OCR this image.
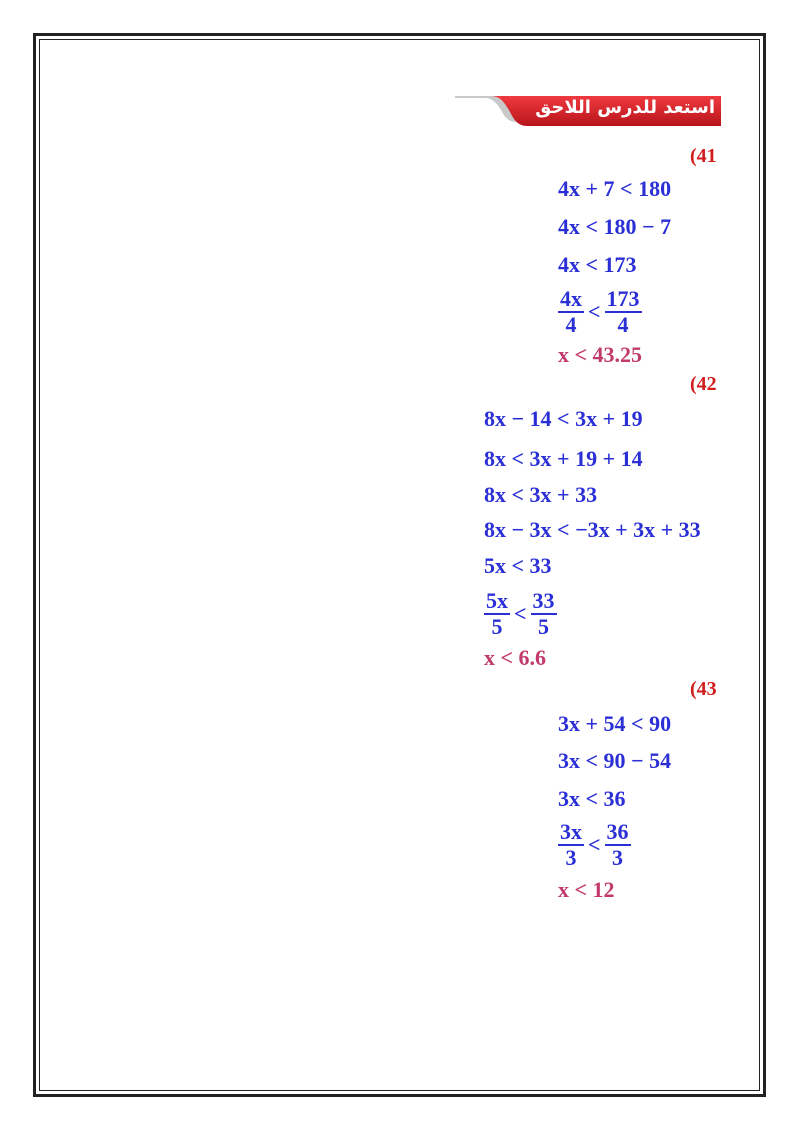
استعد للدرس اللاحق
(41
4x + 7 < 180
4x < 180 − 7
4x < 173
$\frac{4x}{4} < \frac{173}{4}$
x < 43.25
(42
8x − 14 < 3x + 19
8x < 3x + 19 + 14
8x < 3x + 33
8x − 3x < −3x + 3x + 33
5x < 33
$\frac{5x}{5} < \frac{33}{5}$
x < 6.6
(43
3x + 54 < 90
3x < 90 − 54
3x < 36
$\frac{3x}{3} < \frac{36}{3}$
x < 12
